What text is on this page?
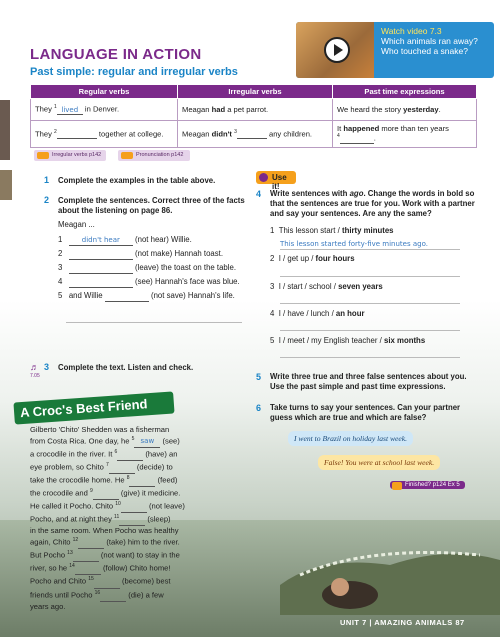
LANGUAGE IN ACTION
Past simple: regular and irregular verbs
Watch video 7.3
Which animals ran away?
Who touched a snake?
Regular verbs	Irregular verbs	Past time expressions
They $^1$ lived in Denver.	Meagan had a pet parrot.	We heard the story yesterday.
They $^2$ together at college.	Meagan didn't $^3$ any children.	It happened more than ten years
$^4$ .
Irregular verbs p142	Pronunciation p142
1 Complete the examples in the table above.
2 Complete the sentences. Correct three of the facts about the listening on page 86.
Meagan ...
1	didn't hear (not hear) Willie.
2	(not make) Hannah toast.
3	(leave) the toast on the table.
4	(see) Hannah's face was blue.
5 and Willie	(not save) Hannah's life.
♬
7.05
3 Complete the text. Listen and check.
A Croc's Best Friend
Gilberto 'Chito' Shedden was a fisherman
from Costa Rica. One day, he $^5$ saw (see)
a crocodile in the river. It $^6$	(have) an
eye problem, so Chito $^7$	(decide) to
take the crocodile home. He $^8$	(feed)
the crocodile and $^9$	(give) it medicine.
He called it Pocho. Chito $^{10}$	(not leave)
Pocho, and at night they $^{11}$	(sleep)
in the same room. When Pocho was healthy
again, Chito $^{12}$	(take) him to the river.
But Pocho $^{13}$	(not want) to stay in the
river, so he $^{14}$	(follow) Chito home!
Pocho and Chito $^{15}$	(become) best
friends until Pocho $^{16}$	(die) a few
years ago.
Use it!
4 Write sentences with ago. Change the words in bold so that the sentences are true for you. Work with a partner and say your sentences. Are any the same?
1 This lesson start / thirty minutes
This lesson started forty-five minutes ago.
2 I / get up / four hours
3 I / start / school / seven years
4 I / have / lunch / an hour
5 I / meet / my English teacher / six months
5 Write three true and three false sentences about you. Use the past simple and past time expressions.
6 Take turns to say your sentences. Can your partner guess which are true and which are false?
I went to Brazil on holiday last week.
False! You were at school last week.
Finished? p124 Ex 5
UNIT 7 | AMAZING ANIMALS 87
